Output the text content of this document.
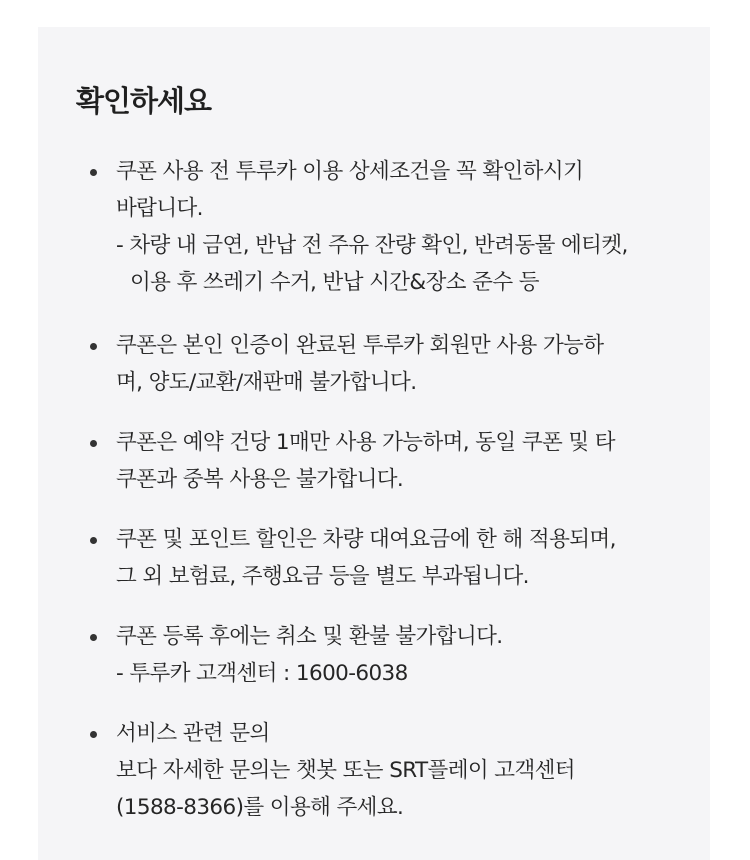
확인하세요
쿠폰 사용 전 투루카 이용 상세조건을 꼭 확인하시기
바랍니다.
- 차량 내 금연, 반납 전 주유 잔량 확인, 반려동물 에티켓,
이용 후 쓰레기 수거, 반납 시간&장소 준수 등
쿠폰은 본인 인증이 완료된 투루카 회원만 사용 가능하
며, 양도/교환/재판매 불가합니다.
쿠폰은 예약 건당 1매만 사용 가능하며, 동일 쿠폰 및 타
쿠폰과 중복 사용은 불가합니다.
쿠폰 및 포인트 할인은 차량 대여요금에 한 해 적용되며,
그 외 보험료, 주행요금 등을 별도 부과됩니다.
쿠폰 등록 후에는 취소 및 환불 불가합니다.
- 투루카 고객센터 : 1600-6038
서비스 관련 문의
보다 자세한 문의는 챗봇 또는 SRT플레이 고객센터
(1588-8366)를 이용해 주세요.
